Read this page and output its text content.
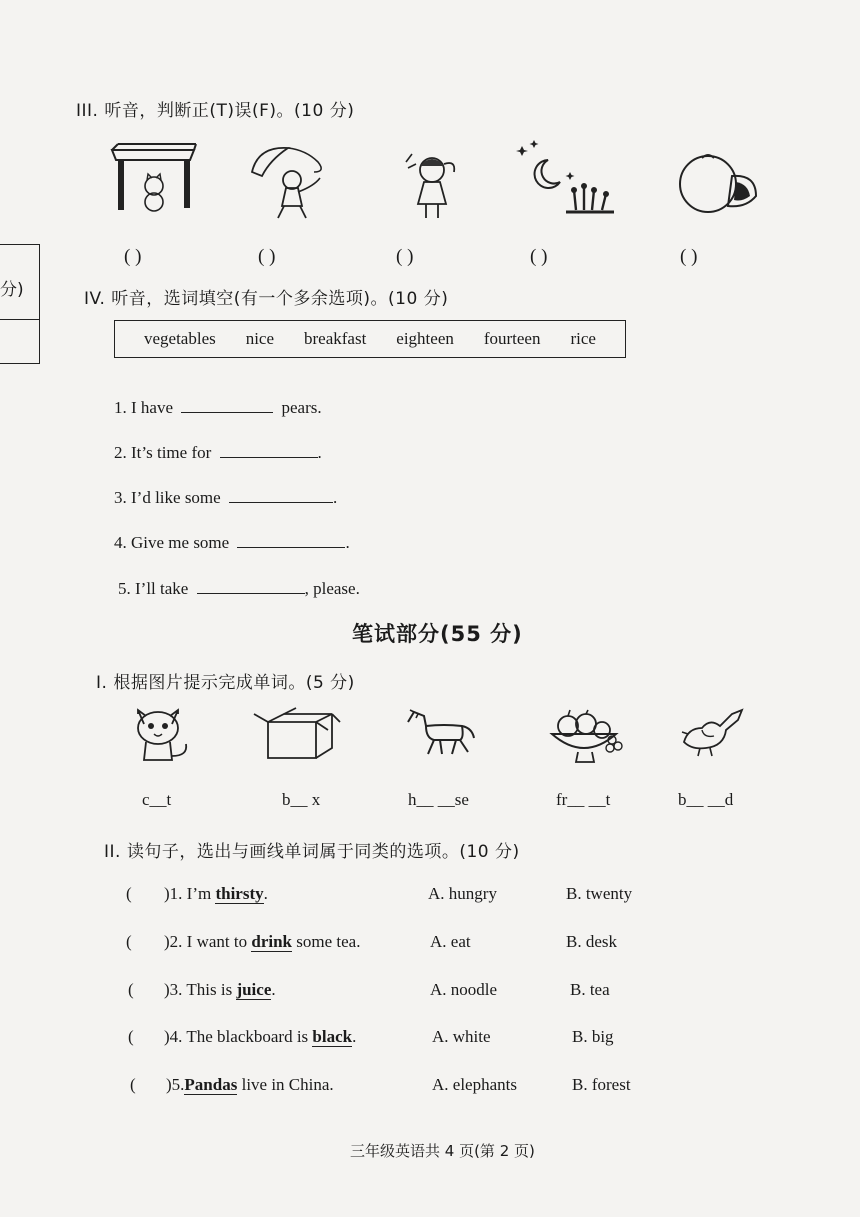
分)
III. 听音，判断正(T)误(F)。(10 分)
( )	( )	( )	( )	( )
IV. 听音，选词填空(有一个多余选项)。(10 分)
vegetables nice breakfast eighteen fourteen rice
1. I have	pears.
2. It’s time for	.
3. I’d like some	.
4. Give me some	.
5. I’ll take	, please.
笔试部分(55 分)
I. 根据图片提示完成单词。(5 分)
c__t	b__ x	h__ __se	fr__ __t	b__ __d
II. 读句子，选出与画线单词属于同类的选项。(10 分)
( )1. I’m thirsty.	A. hungry	B. twenty
( )2. I want to drink some tea.	A. eat	B. desk
( )3. This is juice.	A. noodle	B. tea
( )4. The blackboard is black.	A. white	B. big
( )5.Pandas live in China.	A. elephants	B. forest
三年级英语共 4 页(第 2 页)
